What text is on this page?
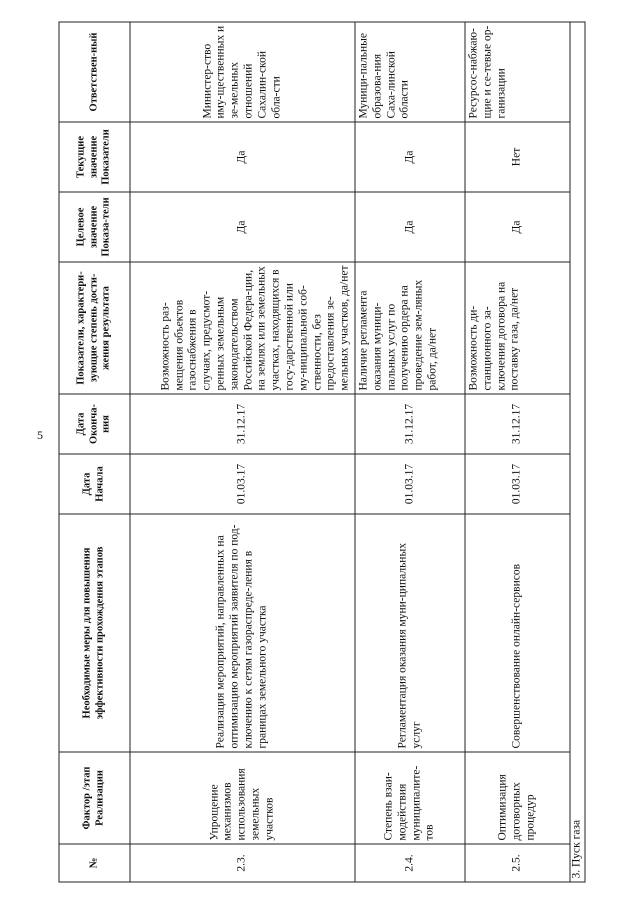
5
№	Фактор /этап Реализации	Необходимые меры для повышения эффективности прохождения этапов	Дата Начала	Дата Оконча-ния	Показатели, характери-зующие степень дости-жения результата	Целевое значение Показа-тели	Текущие значение Показатели	Ответствен-ный
2.3.	Упрощение механизмов использования земельных участков	Реализация мероприятий, направленных на оптимизацию мероприятий заявителя по под-ключению к сетям газораспреде-ления в границах земельного участка	01.03.17	31.12.17	Возможность раз-мещения объектов газоснабжения в случаях, предусмот-ренных земельным законодательством Российской Федера-ции, на землях или земельных участках, находящихся в госу-дарственной или му-ниципальной соб-ственности, без предоставления зе-мельных участков, да/нет	Да	Да	Министер-ство иму-щественных и зе-мельных отношений Сахалин-ской обла-сти
2.4.	Степень взаи-модействия муниципалите-тов	Регламентация оказания муни-ципальных услуг	01.03.17	31.12.17	Наличие регламента оказания муници-пальных услуг по получению ордера на проведение зем-ляных работ, да/нет	Да	Да	Муници-пальные образова-ния Саха-линской области
2.5.	Оптимизация договорных процедур	Совершенствование онлайн-сервисов	01.03.17	31.12.17	Возможность ди-станционного за-ключения договора на поставку газа, да/нет	Да	Нет	Ресурсос-набжаю-щие и се-тевые ор-ганизации
3. Пуск газа								
